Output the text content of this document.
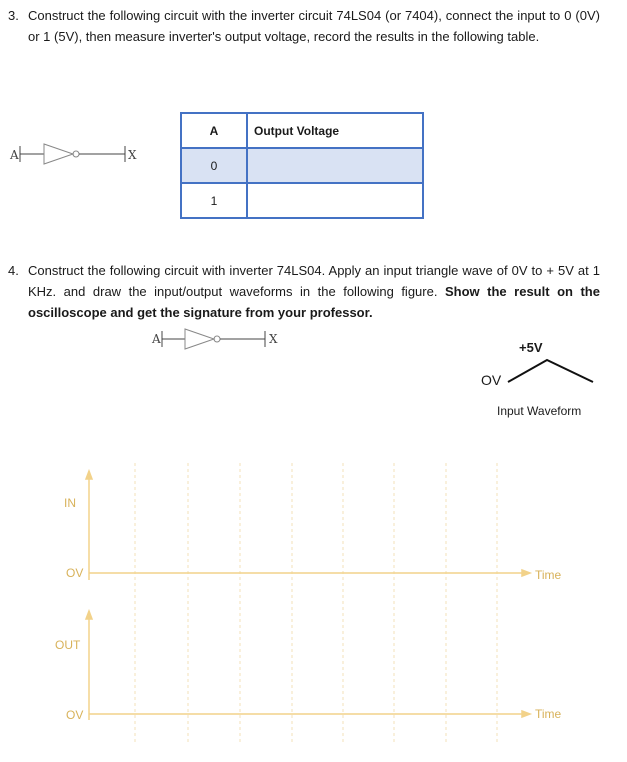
3. Construct the following circuit with the inverter circuit 74LS04 (or 7404), connect the input to 0 (0V) or 1 (5V), then measure inverter's output voltage, record the results in the following table.
A	X
A	Output Voltage
0	
1	
4. Construct the following circuit with inverter 74LS04. Apply an input triangle wave of 0V to + 5V at 1 KHz. and draw the input/output waveforms in the following figure. Show the result on the oscilloscope and get the signature from your professor.
A	X
+5V
OV
Input Waveform
IN
OV	Time
OUT
OV	Time
